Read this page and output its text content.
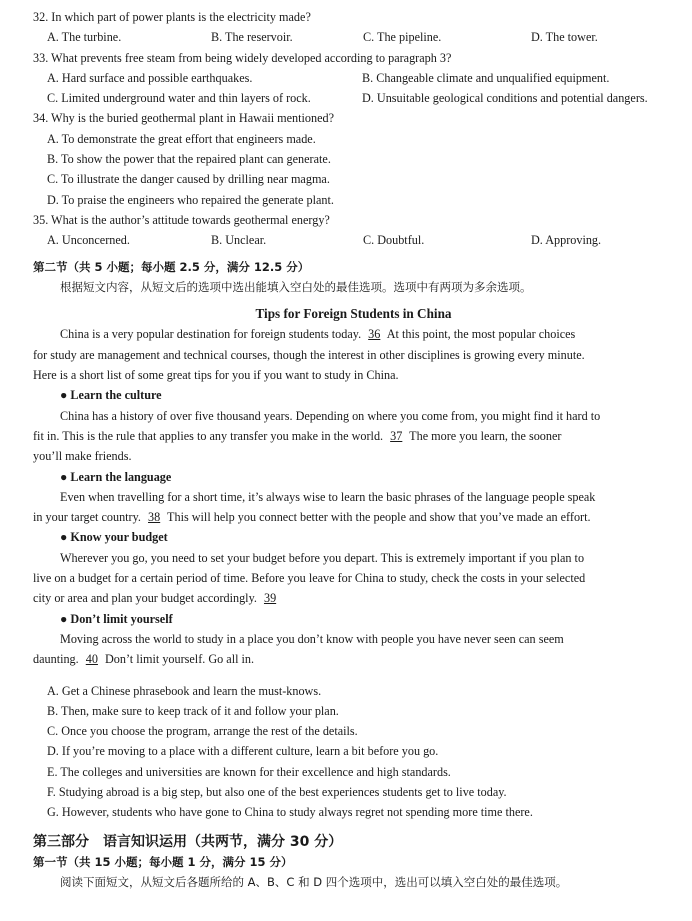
32. In which part of power plants is the electricity made?
A. The turbine.	B. The reservoir.	C. The pipeline.	D. The tower.
33. What prevents free steam from being widely developed according to paragraph 3?
A. Hard surface and possible earthquakes.	B. Changeable climate and unqualified equipment.
C. Limited underground water and thin layers of rock.	D. Unsuitable geological conditions and potential dangers.
34. Why is the buried geothermal plant in Hawaii mentioned?
A. To demonstrate the great effort that engineers made.
B. To show the power that the repaired plant can generate.
C. To illustrate the danger caused by drilling near magma.
D. To praise the engineers who repaired the generate plant.
35. What is the author’s attitude towards geothermal energy?
A. Unconcerned.	B. Unclear.	C. Doubtful.	D. Approving.
第二节（共 5 小题；每小题 2.5 分，满分 12.5 分）
根据短文内容，从短文后的选项中选出能填入空白处的最佳选项。选项中有两项为多余选项。
Tips for Foreign Students in China
China is a very popular destination for foreign students today. 36 At this point, the most popular choices
for study are management and technical courses, though the interest in other disciplines is growing every minute.
Here is a short list of some great tips for you if you want to study in China.
● Learn the culture
China has a history of over five thousand years. Depending on where you come from, you might find it hard to
fit in. This is the rule that applies to any transfer you make in the world. 37 The more you learn, the sooner
you’ll make friends.
● Learn the language
Even when travelling for a short time, it’s always wise to learn the basic phrases of the language people speak
in your target country. 38 This will help you connect better with the people and show that you’ve made an effort.
● Know your budget
Wherever you go, you need to set your budget before you depart. This is extremely important if you plan to
live on a budget for a certain period of time. Before you leave for China to study, check the costs in your selected
city or area and plan your budget accordingly. 39
● Don’t limit yourself
Moving across the world to study in a place you don’t know with people you have never seen can seem
daunting. 40 Don’t limit yourself. Go all in.
A. Get a Chinese phrasebook and learn the must-knows.
B. Then, make sure to keep track of it and follow your plan.
C. Once you choose the program, arrange the rest of the details.
D. If you’re moving to a place with a different culture, learn a bit before you go.
E. The colleges and universities are known for their excellence and high standards.
F. Studying abroad is a big step, but also one of the best experiences students get to live today.
G. However, students who have gone to China to study always regret not spending more time there.
第三部分　语言知识运用（共两节，满分 30 分）
第一节（共 15 小题；每小题 1 分，满分 15 分）
阅读下面短文，从短文后各题所给的 A、B、C 和 D 四个选项中，选出可以填入空白处的最佳选项。
